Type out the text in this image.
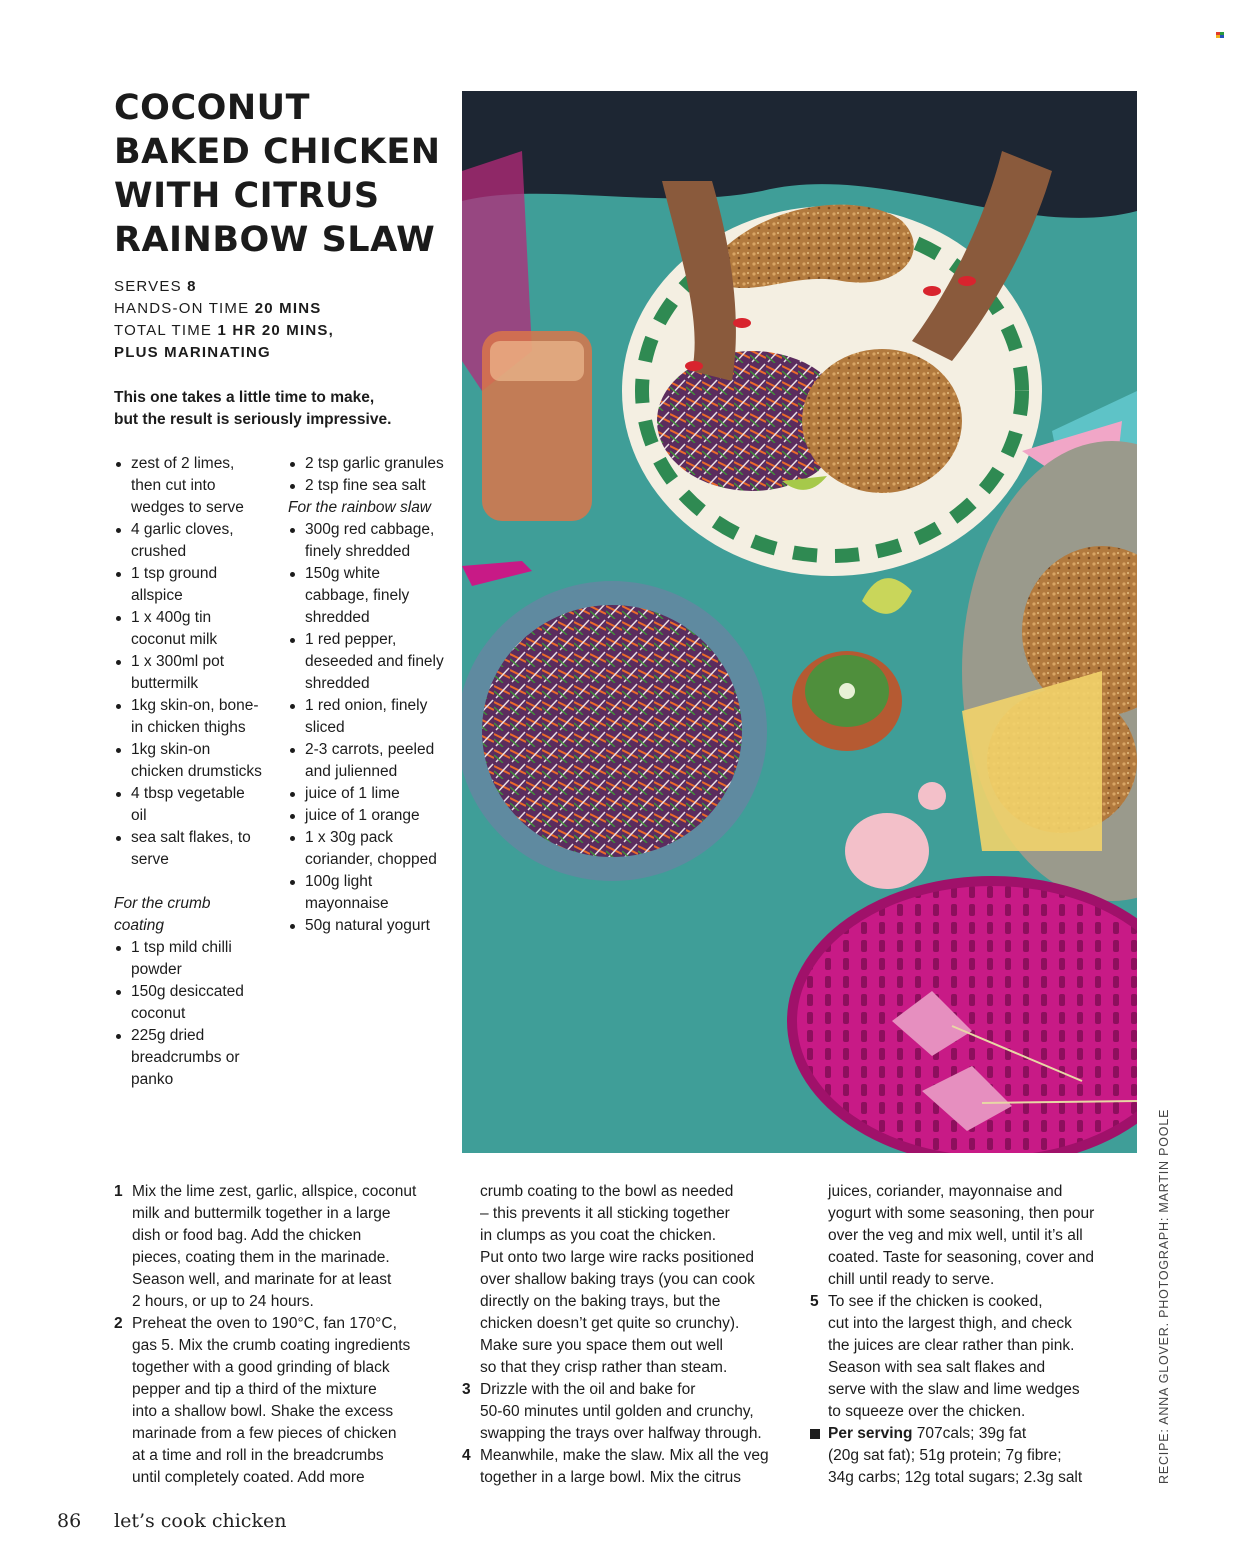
COCONUT
BAKED CHICKEN
WITH CITRUS
RAINBOW SLAW
SERVES 8
HANDS-ON TIME 20 MINS
TOTAL TIME 1 HR 20 MINS,
PLUS MARINATING
This one takes a little time to make,
but the result is seriously impressive.
zest of 2 limes, then cut into wedges to serve
4 garlic cloves, crushed
1 tsp ground allspice
1 x 400g tin coconut milk
1 x 300ml pot buttermilk
1kg skin-on, bone-in chicken thighs
1kg skin-on chicken drumsticks
4 tbsp vegetable oil
sea salt flakes, to serve
For the crumb coating
1 tsp mild chilli powder
150g desiccated coconut
225g dried breadcrumbs or panko
2 tsp garlic granules
2 tsp fine sea salt
For the rainbow slaw
300g red cabbage, finely shredded
150g white cabbage, finely shredded
1 red pepper, deseeded and finely shredded
1 red onion, finely sliced
2-3 carrots, peeled and julienned
juice of 1 lime
juice of 1 orange
1 x 30g pack coriander, chopped
100g light mayonnaise
50g natural yogurt
RECIPE: ANNA GLOVER. PHOTOGRAPH: MARTIN POOLE
1 Mix the lime zest, garlic, allspice, coconut
milk and buttermilk together in a large
dish or food bag. Add the chicken
pieces, coating them in the marinade.
Season well, and marinate for at least
2 hours, or up to 24 hours.
2 Preheat the oven to 190°C, fan 170°C,
gas 5. Mix the crumb coating ingredients
together with a good grinding of black
pepper and tip a third of the mixture
into a shallow bowl. Shake the excess
marinade from a few pieces of chicken
at a time and roll in the breadcrumbs
until completely coated. Add more
crumb coating to the bowl as needed
– this prevents it all sticking together
in clumps as you coat the chicken.
Put onto two large wire racks positioned
over shallow baking trays (you can cook
directly on the baking trays, but the
chicken doesn’t get quite so crunchy).
Make sure you space them out well
so that they crisp rather than steam.
3 Drizzle with the oil and bake for
50-60 minutes until golden and crunchy,
swapping the trays over halfway through.
4 Meanwhile, make the slaw. Mix all the veg
together in a large bowl. Mix the citrus
juices, coriander, mayonnaise and
yogurt with some seasoning, then pour
over the veg and mix well, until it’s all
coated. Taste for seasoning, cover and
chill until ready to serve.
5 To see if the chicken is cooked,
cut into the largest thigh, and check
the juices are clear rather than pink.
Season with sea salt flakes and
serve with the slaw and lime wedges
to squeeze over the chicken.
Per serving 707cals; 39g fat
(20g sat fat); 51g protein; 7g fibre;
34g carbs; 12g total sugars; 2.3g salt
86 let’s cook chicken
